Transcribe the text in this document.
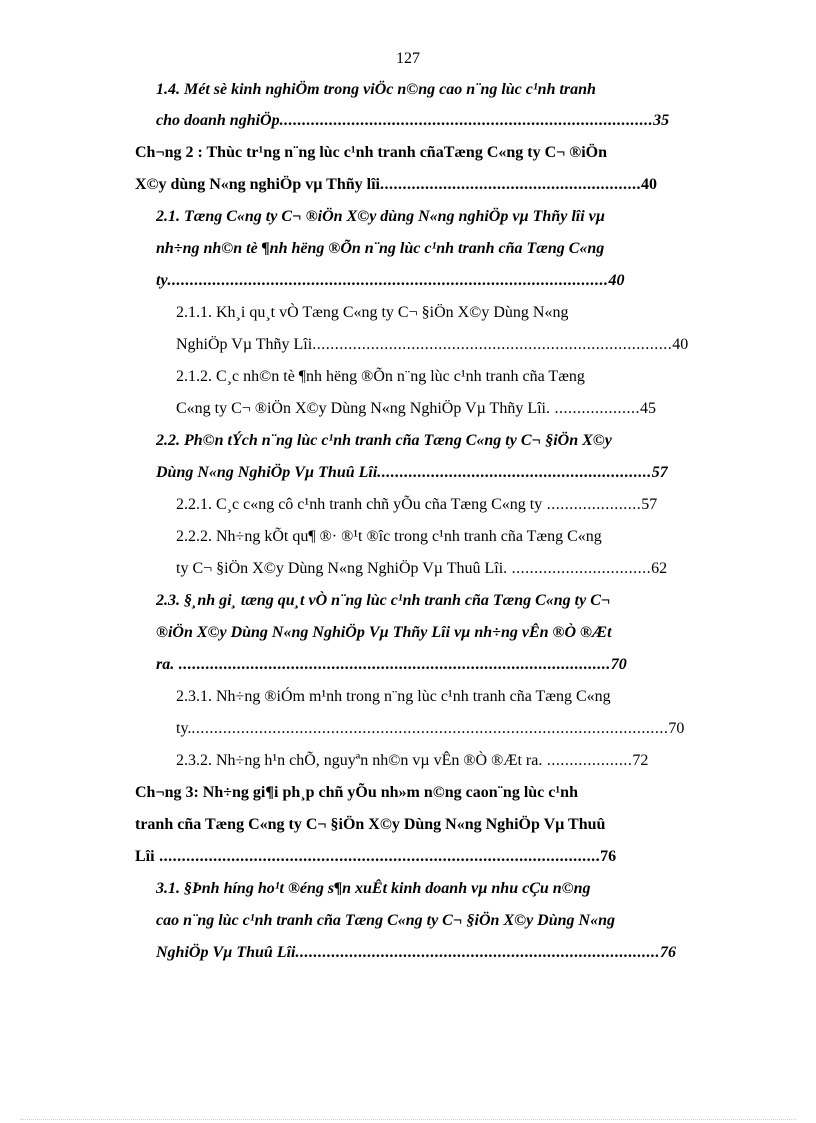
127
1.4. Mét sè kinh nghiÖm trong viÖc n©ng cao n¨ng lùc c¹nh tranh
cho doanh nghiÖp...................................................................................35
Ch¬ng 2 : Thùc tr¹ng n¨ng lùc c¹nh tranh cñaTæng C«ng ty C¬ ®iÖn
X©y dùng N«ng nghiÖp vµ Thñy lîi..........................................................40
2.1. Tæng C«ng ty C¬ ®iÖn X©y dùng N«ng nghiÖp vµ Thñy lîi vµ
nh÷ng nh©n tè ¶nh hëng ®Õn n¨ng lùc c¹nh tranh cña Tæng C«ng
ty..................................................................................................40
2.1.1. Kh¸i qu¸t vÒ Tæng C«ng ty C¬ §iÖn X©y Dùng N«ng
NghiÖp Vµ Thñy Lîi................................................................................40
2.1.2. C¸c nh©n tè ¶nh hëng ®Õn n¨ng lùc c¹nh tranh cña Tæng
C«ng ty C¬ ®iÖn X©y Dùng N«ng NghiÖp Vµ Thñy Lîi. ...................45
2.2. Ph©n tÝch n¨ng lùc c¹nh tranh cña Tæng C«ng ty C¬ §iÖn X©y
Dùng N«ng NghiÖp Vµ Thuû Lîi.............................................................57
2.2.1. C¸c c«ng cô c¹nh tranh chñ yÕu cña Tæng C«ng ty .....................57
2.2.2. Nh÷ng kÕt qu¶ ®· ®¹t ®îc trong c¹nh tranh cña Tæng C«ng
ty C¬ §iÖn X©y Dùng N«ng NghiÖp Vµ Thuû Lîi. ...............................62
2.3. §¸nh gi¸ tæng qu¸t vÒ n¨ng lùc c¹nh tranh cña Tæng C«ng ty C¬
®iÖn X©y Dùng N«ng NghiÖp Vµ Thñy Lîi vµ nh÷ng vÊn ®Ò ®Æt
ra. ................................................................................................70
2.3.1. Nh÷ng ®iÓm m¹nh trong n¨ng lùc c¹nh tranh cña Tæng C«ng
ty...........................................................................................................70
2.3.2. Nh÷ng h¹n chÕ, nguyªn nh©n vµ vÊn ®Ò ®Æt ra. ...................72
Ch¬ng 3: Nh÷ng gi¶i ph¸p chñ yÕu nh»m n©ng caon¨ng lùc c¹nh
tranh cña Tæng C«ng ty C¬ §iÖn X©y Dùng N«ng NghiÖp Vµ Thuû
Lîi ..................................................................................................76
3.1. §Þnh híng ho¹t ®éng s¶n xuÊt kinh doanh vµ nhu cÇu n©ng
cao n¨ng lùc c¹nh tranh cña Tæng C«ng ty C¬ §iÖn X©y Dùng N«ng
NghiÖp Vµ Thuû Lîi.................................................................................76
